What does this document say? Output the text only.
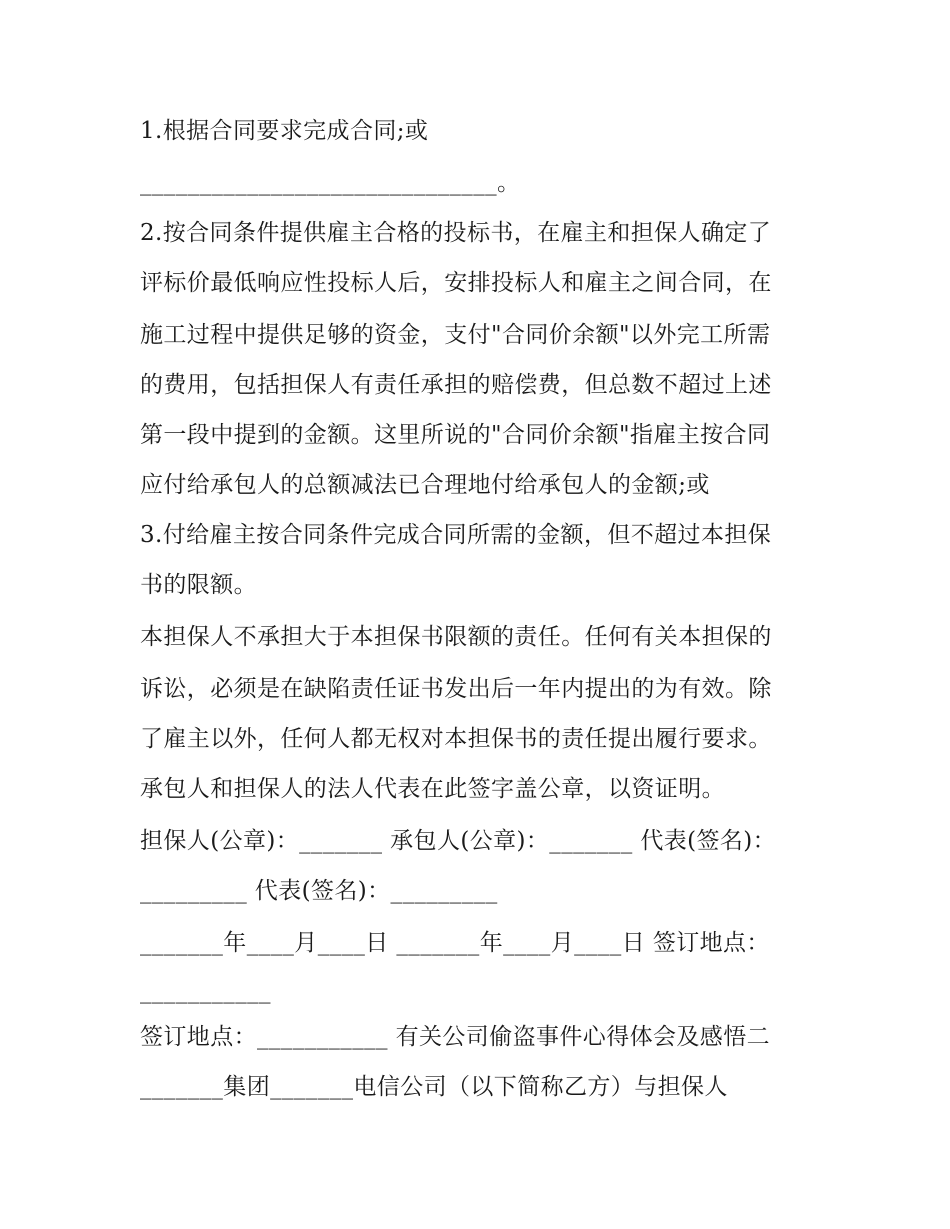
1.根据合同要求完成合同;或
______________________________。
2.按合同条件提供雇主合格的投标书，在雇主和担保人确定了
评标价最低响应性投标人后，安排投标人和雇主之间合同，在
施工过程中提供足够的资金，支付"合同价余额"以外完工所需
的费用，包括担保人有责任承担的赔偿费，但总数不超过上述
第一段中提到的金额。这里所说的"合同价余额"指雇主按合同
应付给承包人的总额减法已合理地付给承包人的金额;或
3.付给雇主按合同条件完成合同所需的金额，但不超过本担保
书的限额。
本担保人不承担大于本担保书限额的责任。任何有关本担保的
诉讼，必须是在缺陷责任证书发出后一年内提出的为有效。除
了雇主以外，任何人都无权对本担保书的责任提出履行要求。
承包人和担保人的法人代表在此签字盖公章，以资证明。
担保人(公章)：_______ 承包人(公章)：_______ 代表(签名)：
_________ 代表(签名)：_________
_______年____月____日 _______年____月____日 签订地点：
___________
签订地点：___________ 有关公司偷盗事件心得体会及感悟二
_______集团_______电信公司（以下简称乙方）与担保人
